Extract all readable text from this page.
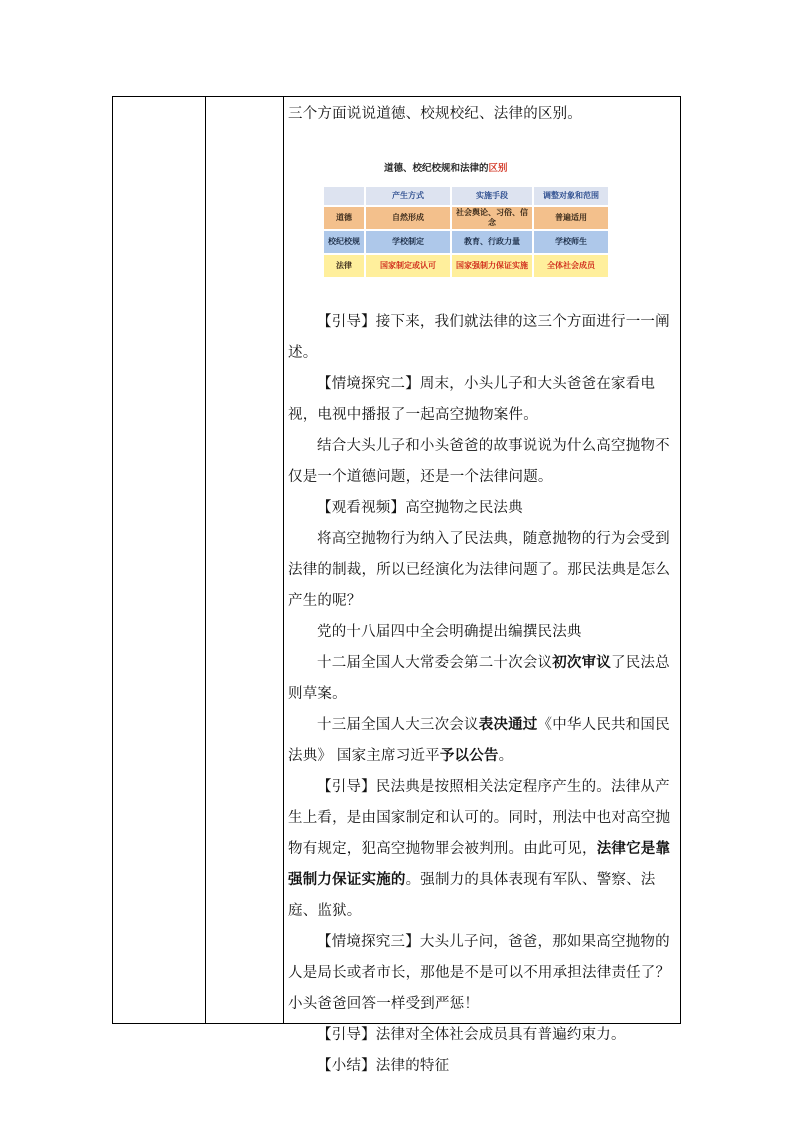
三个方面说说道德、校规校纪、法律的区别。

道德、校纪校规和法律的区别
	产生方式	实施手段	调整对象和范围
道德	自然形成	社会舆论、习俗、信念	普遍适用
校纪校规	学校制定	教育、行政力量	学校师生
法律	国家制定或认可	国家强制力保证实施	全体社会成员

【引导】接下来，我们就法律的这三个方面进行一一阐述。

【情境探究二】周末，小头儿子和大头爸爸在家看电视，电视中播报了一起高空抛物案件。

结合大头儿子和小头爸爸的故事说说为什么高空抛物不仅是一个道德问题，还是一个法律问题。

【观看视频】高空抛物之民法典

将高空抛物行为纳入了民法典，随意抛物的行为会受到法律的制裁，所以已经演化为法律问题了。那民法典是怎么产生的呢？

党的十八届四中全会明确提出编撰民法典

十二届全国人大常委会第二十次会议初次审议了民法总则草案。

十三届全国人大三次会议表决通过《中华人民共和国民法典》 国家主席习近平予以公告。

【引导】民法典是按照相关法定程序产生的。法律从产生上看，是由国家制定和认可的。同时，刑法中也对高空抛物有规定，犯高空抛物罪会被判刑。由此可见，法律它是靠强制力保证实施的。强制力的具体表现有军队、警察、法庭、监狱。

【情境探究三】大头儿子问，爸爸，那如果高空抛物的人是局长或者市长，那他是不是可以不用承担法律责任了？小头爸爸回答一样受到严惩！

【引导】法律对全体社会成员具有普遍约束力。

【小结】法律的特征
